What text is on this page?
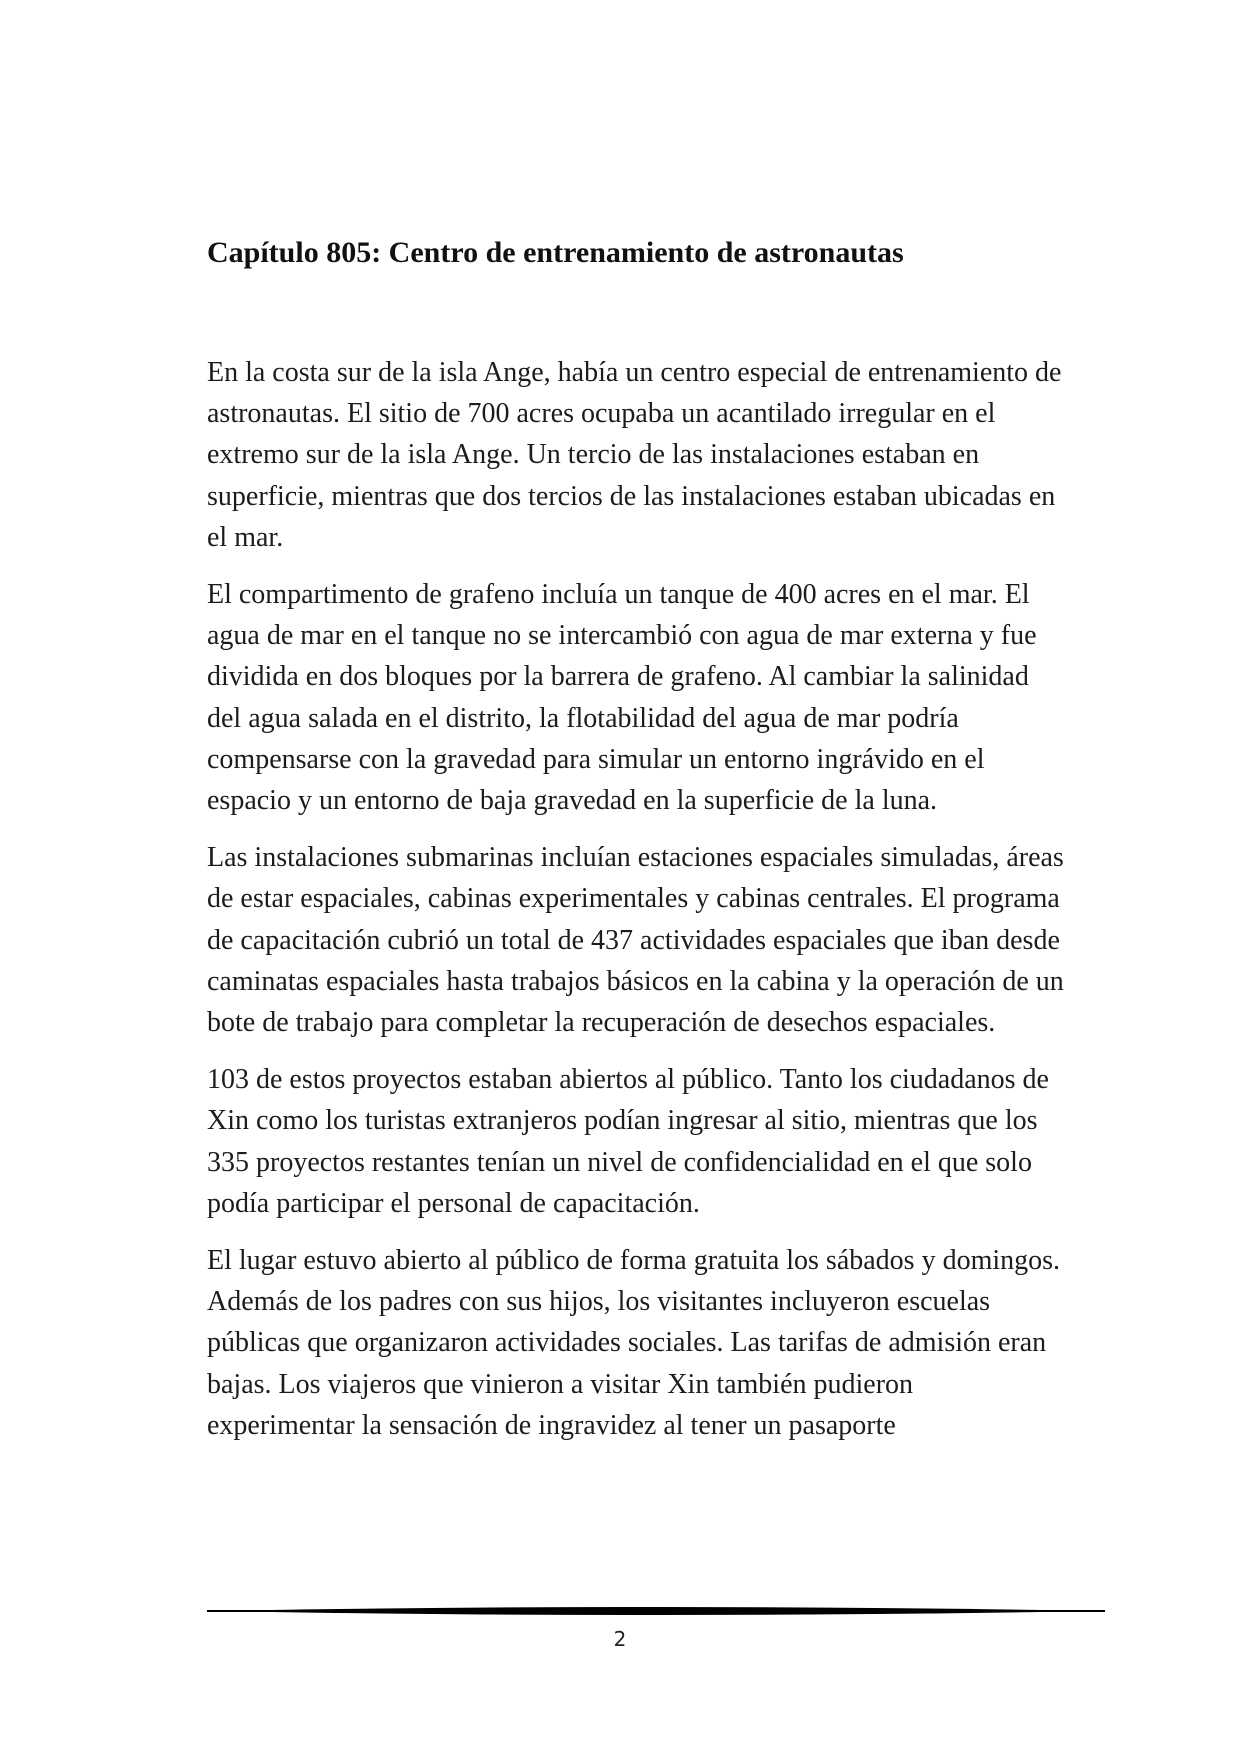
Capítulo 805: Centro de entrenamiento de astronautas

En la costa sur de la isla Ange, había un centro especial de entrenamiento de astronautas. El sitio de 700 acres ocupaba un acantilado irregular en el extremo sur de la isla Ange. Un tercio de las instalaciones estaban en superficie, mientras que dos tercios de las instalaciones estaban ubicadas en el mar.

El compartimento de grafeno incluía un tanque de 400 acres en el mar. El agua de mar en el tanque no se intercambió con agua de mar externa y fue dividida en dos bloques por la barrera de grafeno. Al cambiar la salinidad del agua salada en el distrito, la flotabilidad del agua de mar podría compensarse con la gravedad para simular un entorno ingrávido en el espacio y un entorno de baja gravedad en la superficie de la luna.

Las instalaciones submarinas incluían estaciones espaciales simuladas, áreas de estar espaciales, cabinas experimentales y cabinas centrales. El programa de capacitación cubrió un total de 437 actividades espaciales que iban desde caminatas espaciales hasta trabajos básicos en la cabina y la operación de un bote de trabajo para completar la recuperación de desechos espaciales.

103 de estos proyectos estaban abiertos al público. Tanto los ciudadanos de Xin como los turistas extranjeros podían ingresar al sitio, mientras que los 335 proyectos restantes tenían un nivel de confidencialidad en el que solo podía participar el personal de capacitación.

El lugar estuvo abierto al público de forma gratuita los sábados y domingos. Además de los padres con sus hijos, los visitantes incluyeron escuelas públicas que organizaron actividades sociales. Las tarifas de admisión eran bajas. Los viajeros que vinieron a visitar Xin también pudieron experimentar la sensación de ingravidez al tener un pasaporte

2
